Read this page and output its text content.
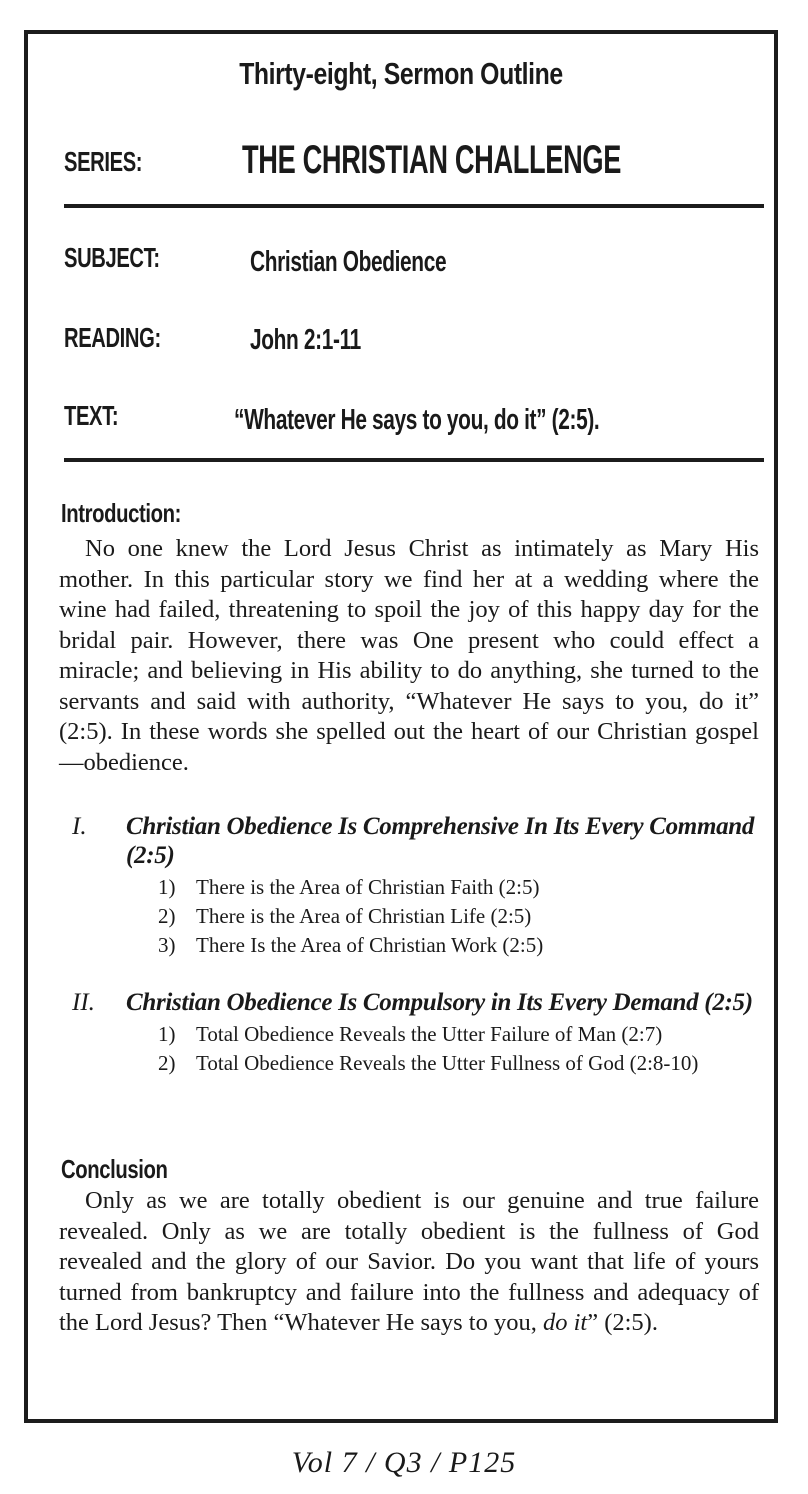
Thirty-eight, Sermon Outline
SERIES: THE CHRISTIAN CHALLENGE
SUBJECT:	Christian Obedience
READING:	John 2:1-11
TEXT:	“Whatever He says to you, do it” (2:5).
Introduction:

No one knew the Lord Jesus Christ as intimately as Mary His mother. In this particular story we find her at a wedding where the wine had failed, threatening to spoil the joy of this happy day for the bridal pair. However, there was One present who could effect a miracle; and believing in His ability to do anything, she turned to the servants and said with authority, “Whatever He says to you, do it” (2:5). In these words she spelled out the heart of our Christian gospel—obedience.

I. Christian Obedience Is Comprehensive In Its Every Command (2:5)
1) There is the Area of Christian Faith (2:5)
2) There is the Area of Christian Life (2:5)
3) There Is the Area of Christian Work (2:5)
II. Christian Obedience Is Compulsory in Its Every Demand (2:5)
1) Total Obedience Reveals the Utter Failure of Man (2:7)
2) Total Obedience Reveals the Utter Fullness of God (2:8-10)
Conclusion

Only as we are totally obedient is our genuine and true failure revealed. Only as we are totally obedient is the fullness of God revealed and the glory of our Savior. Do you want that life of yours turned from bankruptcy and failure into the fullness and adequacy of the Lord Jesus? Then “Whatever He says to you, do it” (2:5).

Vol 7 / Q3 / P125
